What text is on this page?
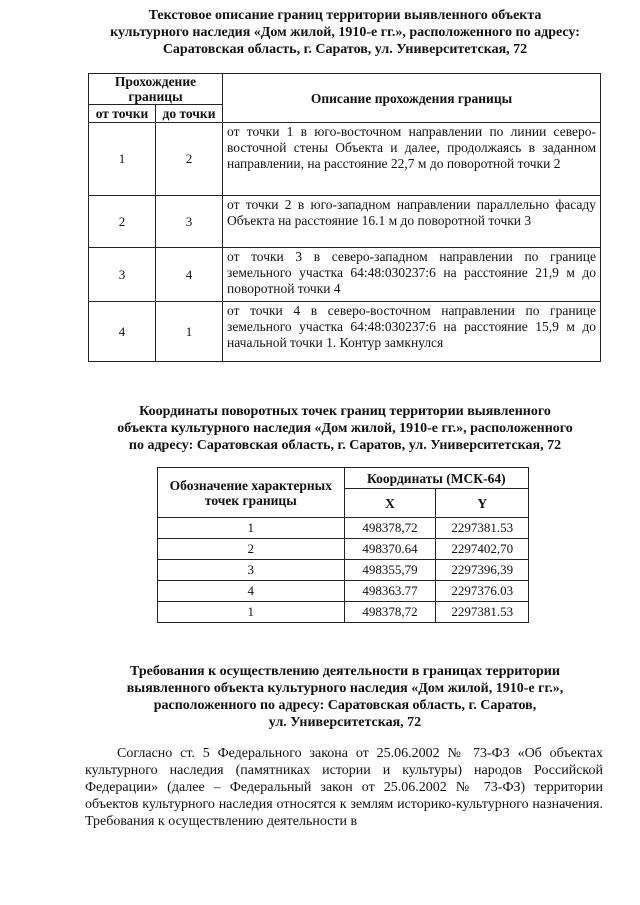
Текстовое описание границ территории выявленного объекта
культурного наследия «Дом жилой, 1910-е гг.», расположенного по адресу:
Саратовская область, г. Саратов, ул. Университетская, 72
Прохождение границы		Описание прохождения границы
от точки	до точки	
1	2	от точки 1 в юго-восточном направлении по линии северо-восточной стены Объекта и далее, продолжаясь в заданном направлении, на расстояние 22,7 м до поворотной точки 2
2	3	от точки 2 в юго-западном направлении параллельно фасаду Объекта на расстояние 16.1 м до поворотной точки 3
3	4	от точки 3 в северо-западном направлении по границе земельного участка 64:48:030237:6 на расстояние 21,9 м до поворотной точки 4
4	1	от точки 4 в северо-восточном направлении по границе земельного участка 64:48:030237:6 на расстояние 15,9 м до начальной точки 1. Контур замкнулся
Координаты поворотных точек границ территории выявленного
объекта культурного наследия «Дом жилой, 1910-е гг.», расположенного
по адресу: Саратовская область, г. Саратов, ул. Университетская, 72
Обозначение характерных точек границы	Координаты (МСК-64)	
	X	Y
1	498378,72	2297381.53
2	498370.64	2297402,70
3	498355,79	2297396,39
4	498363.77	2297376.03
1	498378,72	2297381.53
Требования к осуществлению деятельности в границах территории
выявленного объекта культурного наследия «Дом жилой, 1910-е гг.»,
расположенного по адресу: Саратовская область, г. Саратов,
ул. Университетская, 72

Согласно ст. 5 Федерального закона от 25.06.2002 № 73-ФЗ «Об объектах культурного наследия (памятниках истории и культуры) народов Российской Федерации» (далее – Федеральный закон от 25.06.2002 № 73-ФЗ) территории объектов культурного наследия относятся к землям историко-культурного назначения. Требования к осуществлению деятельности в
